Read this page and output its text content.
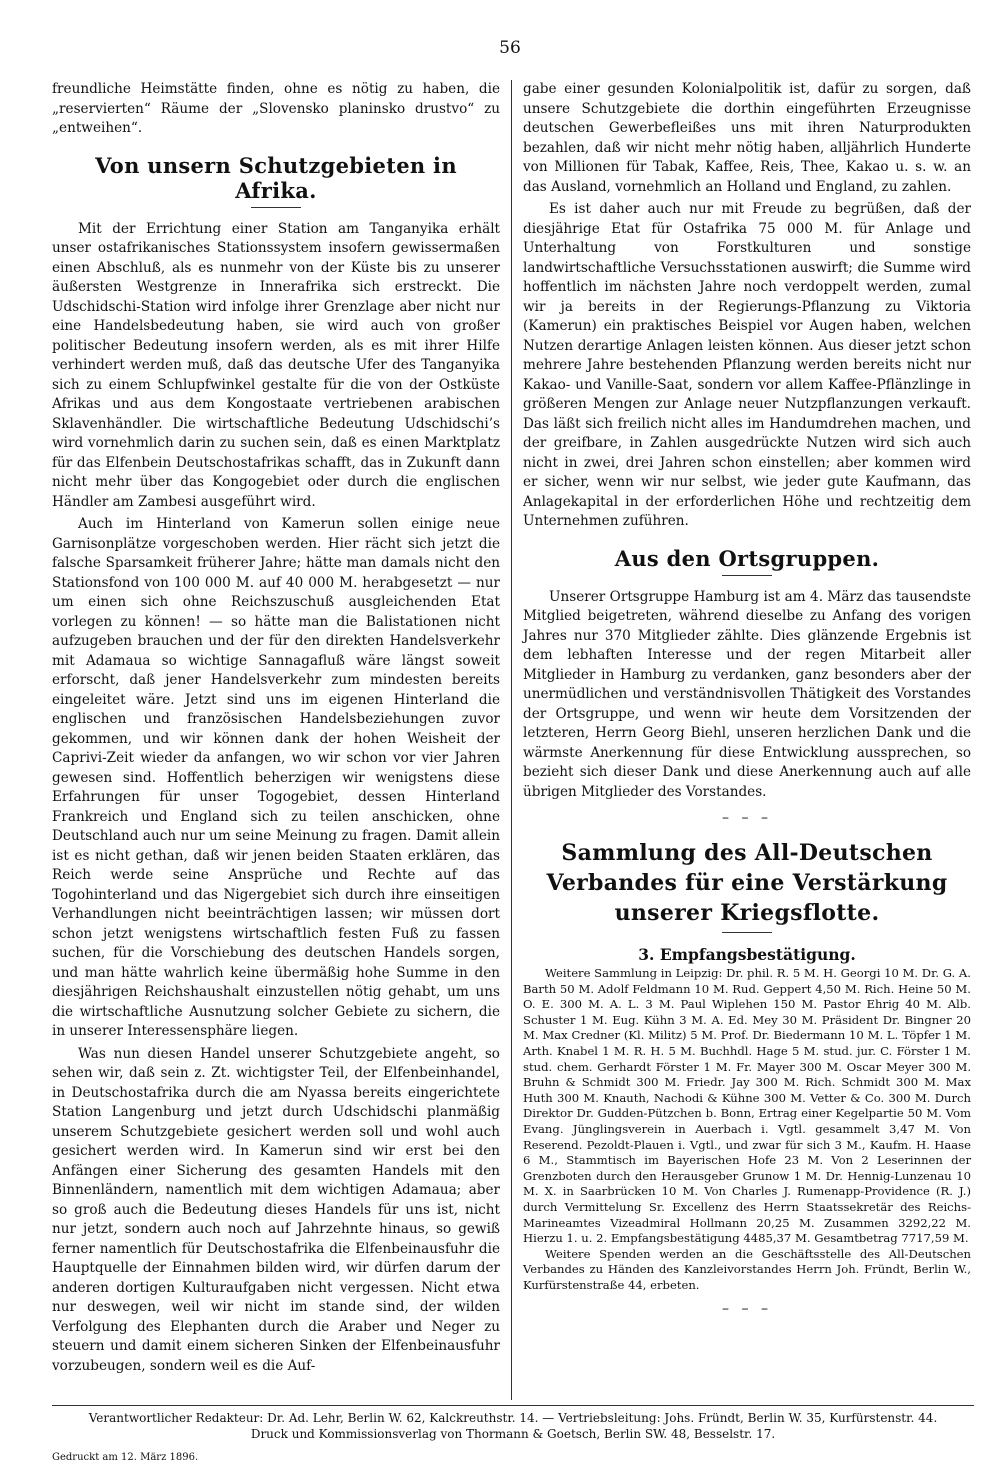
56

freundliche Heimstätte finden, ohne es nötig zu haben, die „reservierten“ Räume der „Slovensko planinsko drustvo“ zu „entweihen“.

Von unsern Schutzgebieten in Afrika.

Mit der Errichtung einer Station am Tanganyika erhält unser ostafrikanisches Stationssystem insofern gewissermaßen einen Abschluß, als es nunmehr von der Küste bis zu unserer äußersten Westgrenze in Innerafrika sich erstreckt. Die Udschidschi-Station wird infolge ihrer Grenzlage aber nicht nur eine Handelsbedeutung haben, sie wird auch von großer politischer Bedeutung insofern werden, als es mit ihrer Hilfe verhindert werden muß, daß das deutsche Ufer des Tanganyika sich zu einem Schlupfwinkel gestalte für die von der Ostküste Afrikas und aus dem Kongostaate vertriebenen arabischen Sklavenhändler. Die wirtschaftliche Bedeutung Udschidschi’s wird vornehmlich darin zu suchen sein, daß es einen Marktplatz für das Elfenbein Deutschostafrikas schafft, das in Zukunft dann nicht mehr über das Kongogebiet oder durch die englischen Händler am Zambesi ausgeführt wird.

Auch im Hinterland von Kamerun sollen einige neue Garnisonplätze vorgeschoben werden. Hier rächt sich jetzt die falsche Sparsamkeit früherer Jahre; hätte man damals nicht den Stationsfond von 100 000 M. auf 40 000 M. herabgesetzt — nur um einen sich ohne Reichszuschuß ausgleichenden Etat vorlegen zu können! — so hätte man die Balistationen nicht aufzugeben brauchen und der für den direkten Handelsverkehr mit Adamaua so wichtige Sannagafluß wäre längst soweit erforscht, daß jener Handelsverkehr zum mindesten bereits eingeleitet wäre. Jetzt sind uns im eigenen Hinterland die englischen und französischen Handelsbeziehungen zuvor gekommen, und wir können dank der hohen Weisheit der Caprivi-Zeit wieder da anfangen, wo wir schon vor vier Jahren gewesen sind. Hoffentlich beherzigen wir wenigstens diese Erfahrungen für unser Togogebiet, dessen Hinterland Frankreich und England sich zu teilen anschicken, ohne Deutschland auch nur um seine Meinung zu fragen. Damit allein ist es nicht gethan, daß wir jenen beiden Staaten erklären, das Reich werde seine Ansprüche und Rechte auf das Togohinterland und das Nigergebiet sich durch ihre einseitigen Verhandlungen nicht beeinträchtigen lassen; wir müssen dort schon jetzt wenigstens wirtschaftlich festen Fuß zu fassen suchen, für die Vorschiebung des deutschen Handels sorgen, und man hätte wahrlich keine übermäßig hohe Summe in den diesjährigen Reichshaushalt einzustellen nötig gehabt, um uns die wirtschaftliche Ausnutzung solcher Gebiete zu sichern, die in unserer Interessensphäre liegen.

Was nun diesen Handel unserer Schutzgebiete angeht, so sehen wir, daß sein z. Zt. wichtigster Teil, der Elfenbeinhandel, in Deutschostafrika durch die am Nyassa bereits eingerichtete Station Langenburg und jetzt durch Udschidschi planmäßig unserem Schutzgebiete gesichert werden soll und wohl auch gesichert werden wird. In Kamerun sind wir erst bei den Anfängen einer Sicherung des gesamten Handels mit den Binnenländern, namentlich mit dem wichtigen Adamaua; aber so groß auch die Bedeutung dieses Handels für uns ist, nicht nur jetzt, sondern auch noch auf Jahrzehnte hinaus, so gewiß ferner namentlich für Deutschostafrika die Elfenbeinausfuhr die Hauptquelle der Einnahmen bilden wird, wir dürfen darum der anderen dortigen Kulturaufgaben nicht vergessen. Nicht etwa nur deswegen, weil wir nicht im stande sind, der wilden Verfolgung des Elephanten durch die Araber und Neger zu steuern und damit einem sicheren Sinken der Elfenbeinausfuhr vorzubeugen, sondern weil es die Auf-

gabe einer gesunden Kolonialpolitik ist, dafür zu sorgen, daß unsere Schutzgebiete die dorthin eingeführten Erzeugnisse deutschen Gewerbefleißes uns mit ihren Naturprodukten bezahlen, daß wir nicht mehr nötig haben, alljährlich Hunderte von Millionen für Tabak, Kaffee, Reis, Thee, Kakao u. s. w. an das Ausland, vornehmlich an Holland und England, zu zahlen.

Es ist daher auch nur mit Freude zu begrüßen, daß der diesjährige Etat für Ostafrika 75 000 M. für Anlage und Unterhaltung von Forstkulturen und sonstige landwirtschaftliche Versuchsstationen auswirft; die Summe wird hoffentlich im nächsten Jahre noch verdoppelt werden, zumal wir ja bereits in der Regierungs-Pflanzung zu Viktoria (Kamerun) ein praktisches Beispiel vor Augen haben, welchen Nutzen derartige Anlagen leisten können. Aus dieser jetzt schon mehrere Jahre bestehenden Pflanzung werden bereits nicht nur Kakao- und Vanille-Saat, sondern vor allem Kaffee-Pflänzlinge in größeren Mengen zur Anlage neuer Nutzpflanzungen verkauft. Das läßt sich freilich nicht alles im Handumdrehen machen, und der greifbare, in Zahlen ausgedrückte Nutzen wird sich auch nicht in zwei, drei Jahren schon einstellen; aber kommen wird er sicher, wenn wir nur selbst, wie jeder gute Kaufmann, das Anlagekapital in der erforderlichen Höhe und rechtzeitig dem Unternehmen zuführen.

Aus den Ortsgruppen.

Unserer Ortsgruppe Hamburg ist am 4. März das tausendste Mitglied beigetreten, während dieselbe zu Anfang des vorigen Jahres nur 370 Mitglieder zählte. Dies glänzende Ergebnis ist dem lebhaften Interesse und der regen Mitarbeit aller Mitglieder in Hamburg zu verdanken, ganz besonders aber der unermüdlichen und verständnisvollen Thätigkeit des Vorstandes der Ortsgruppe, und wenn wir heute dem Vorsitzenden der letzteren, Herrn Georg Biehl, unseren herzlichen Dank und die wärmste Anerkennung für diese Entwicklung aussprechen, so bezieht sich dieser Dank und diese Anerkennung auch auf alle übrigen Mitglieder des Vorstandes.

– – –
Sammlung des All-Deutschen Verbandes für eine Verstärkung unserer Kriegsflotte.
3. Empfangsbestätigung.

Weitere Sammlung in Leipzig: Dr. phil. R. 5 M. H. Georgi 10 M. Dr. G. A. Barth 50 M. Adolf Feldmann 10 M. Rud. Geppert 4,50 M. Rich. Heine 50 M. O. E. 300 M. A. L. 3 M. Paul Wiplehen 150 M. Pastor Ehrig 40 M. Alb. Schuster 1 M. Eug. Kühn 3 M. A. Ed. Mey 30 M. Präsident Dr. Bingner 20 M. Max Credner (Kl. Militz) 5 M. Prof. Dr. Biedermann 10 M. L. Töpfer 1 M. Arth. Knabel 1 M. R. H. 5 M. Buchhdl. Hage 5 M. stud. jur. C. Förster 1 M. stud. chem. Gerhardt Förster 1 M. Fr. Mayer 300 M. Oscar Meyer 300 M. Bruhn & Schmidt 300 M. Friedr. Jay 300 M. Rich. Schmidt 300 M. Max Huth 300 M. Knauth, Nachodi & Kühne 300 M. Vetter & Co. 300 M. Durch Direktor Dr. Gudden-Pützchen b. Bonn, Ertrag einer Kegelpartie 50 M. Vom Evang. Jünglingsverein in Auerbach i. Vgtl. gesammelt 3,47 M. Von Reserend. Pezoldt-Plauen i. Vgtl., und zwar für sich 3 M., Kaufm. H. Haase 6 M., Stammtisch im Bayerischen Hofe 23 M. Von 2 Leserinnen der Grenzboten durch den Herausgeber Grunow 1 M. Dr. Hennig-Lunzenau 10 M. X. in Saarbrücken 10 M. Von Charles J. Rumenapp-Providence (R. J.) durch Vermittelung Sr. Excellenz des Herrn Staatssekretär des Reichs-Marineamtes Vizeadmiral Hollmann 20,25 M. Zusammen 3292,22 M. Hierzu 1. u. 2. Empfangsbestätigung 4485,37 M. Gesamtbetrag 7717,59 M.

Weitere Spenden werden an die Geschäftsstelle des All-Deutschen Verbandes zu Händen des Kanzleivorstandes Herrn Joh. Fründt, Berlin W., Kurfürstenstraße 44, erbeten.

– – –
Verantwortlicher Redakteur: Dr. Ad. Lehr, Berlin W. 62, Kalckreuthstr. 14. — Vertriebsleitung: Johs. Fründt, Berlin W. 35, Kurfürstenstr. 44.
Druck und Kommissionsverlag von Thormann & Goetsch, Berlin SW. 48, Besselstr. 17.
Gedruckt am 12. März 1896.
